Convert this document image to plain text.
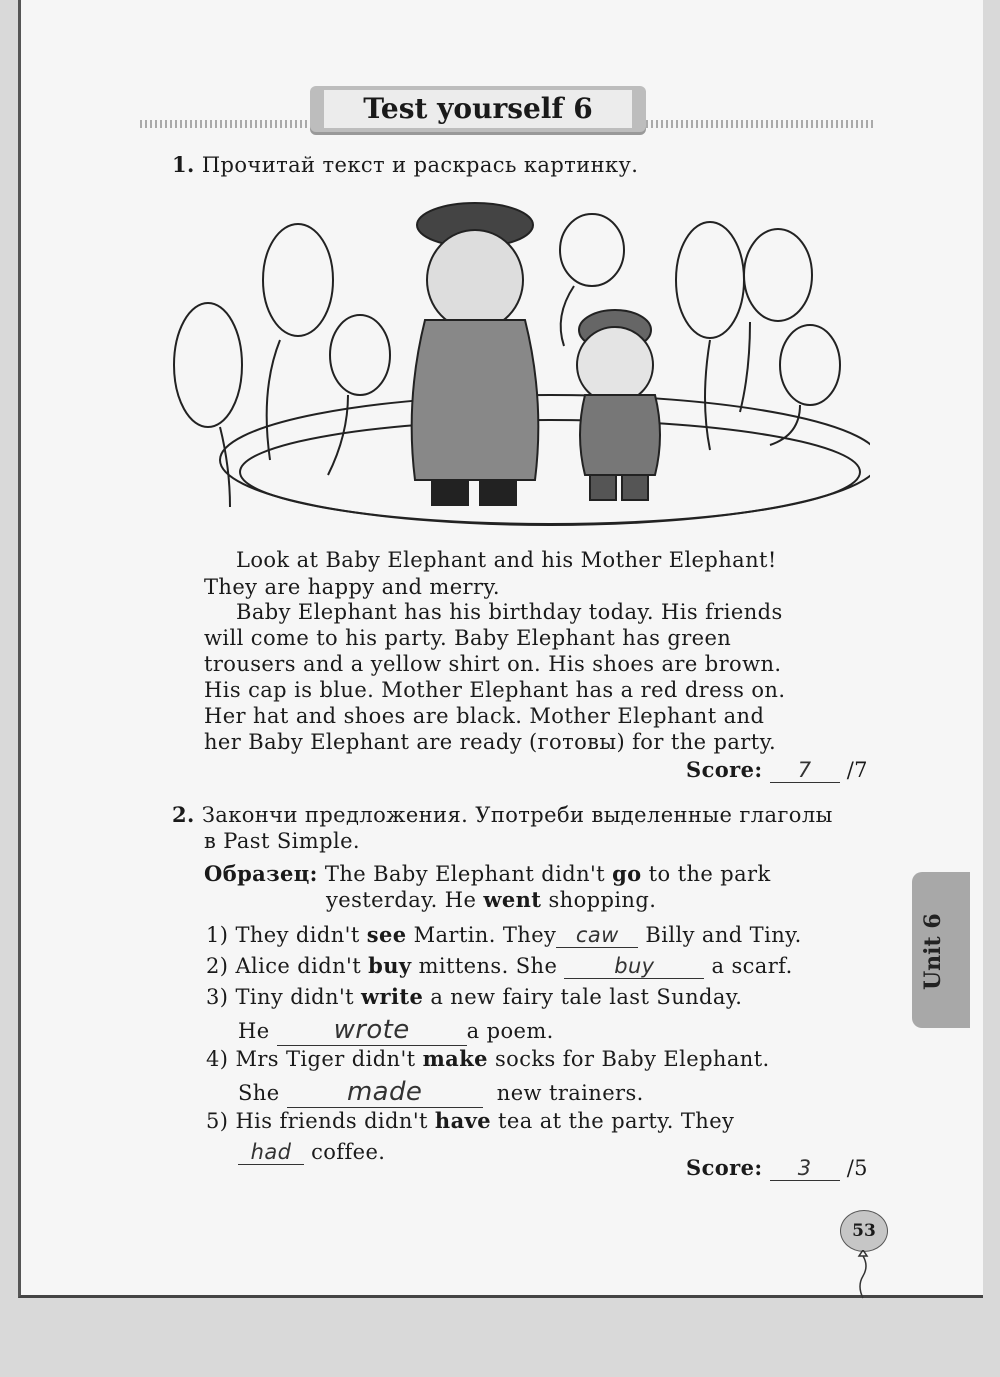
Test yourself 6
1. Прочитай текст и раскрась картинку.
Look at Baby Elephant and his Mother Elephant!
They are happy and merry.
Baby Elephant has his birthday today. His friends
will come to his party. Baby Elephant has green
trousers and a yellow shirt on. His shoes are brown.
His cap is blue. Mother Elephant has a red dress on.
Her hat and shoes are black. Mother Elephant and
her Baby Elephant are ready (готовы) for the party.
Score: 7 /7
2. Закончи предложения. Употреби выделенные глаголы
в Past Simple.
Образец: The Baby Elephant didn't go to the park
yesterday. He went shopping.
1) They didn't see Martin. They caw Billy and Tiny.
2) Alice didn't buy mittens. She	buy	a scarf.
3) Tiny didn't write a new fairy tale last Sunday.
He wrote	a poem.
4) Mrs Tiger didn't make socks for Baby Elephant.
She	made	new trainers.
5) His friends didn't have tea at the party. They
had coffee.
Score: 3 /5
Unit 6
53
